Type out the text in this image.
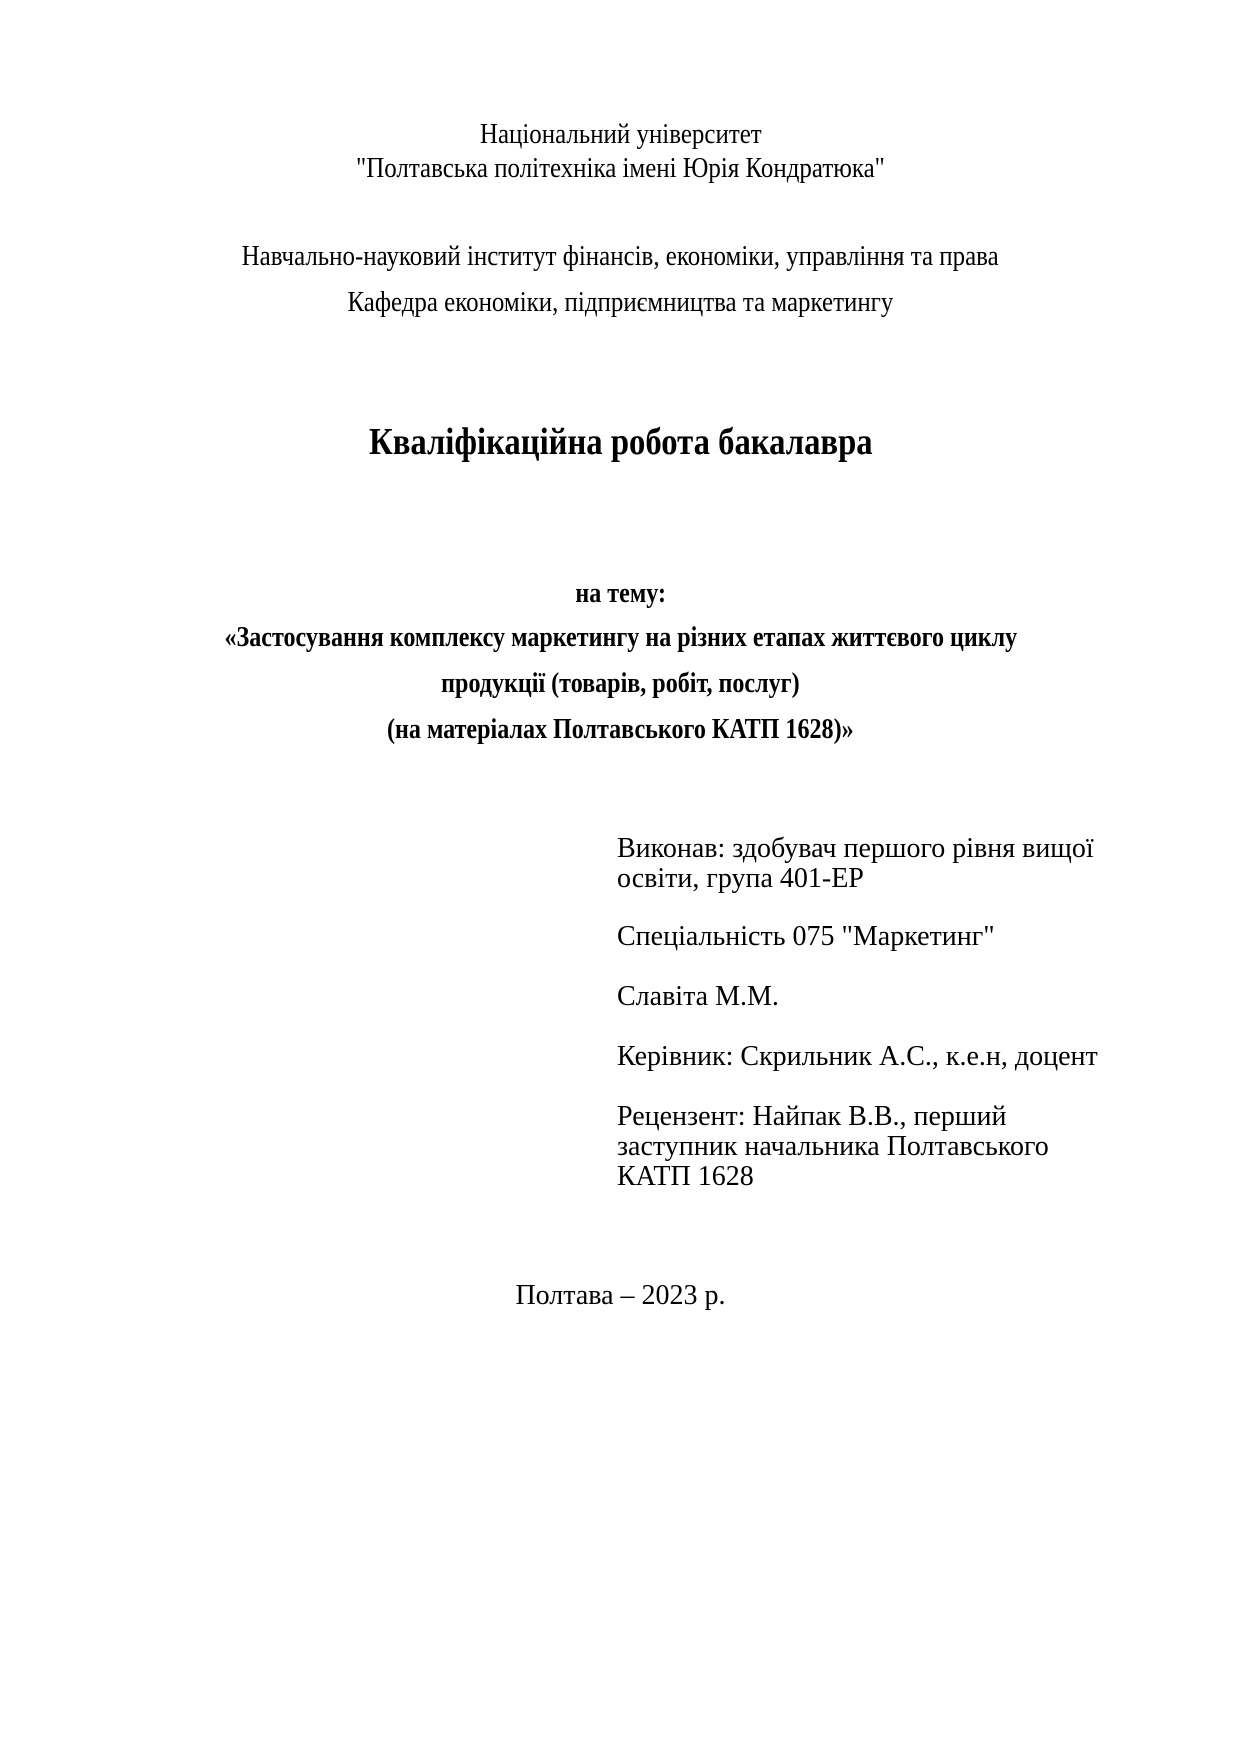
Національний університет
"Полтавська політехніка імені Юрія Кондратюка"
Навчально-науковий інститут фінансів, економіки, управління та права
Кафедра економіки, підприємництва та маркетингу
Кваліфікаційна робота бакалавра
на тему:
«Застосування комплексу маркетингу на різних етапах життєвого циклу
продукції (товарів, робіт, послуг)
(на матеріалах Полтавського КАТП 1628)»

Виконав: здобувач першого рівня вищої

освіти, група 401-ЕР

Спеціальність 075 "Маркетинг"

Славіта М.М.

Керівник: Скрильник А.С., к.е.н, доцент

Рецензент: Найпак В.В., перший

заступник начальника Полтавського

КАТП 1628

Полтава – 2023 р.
